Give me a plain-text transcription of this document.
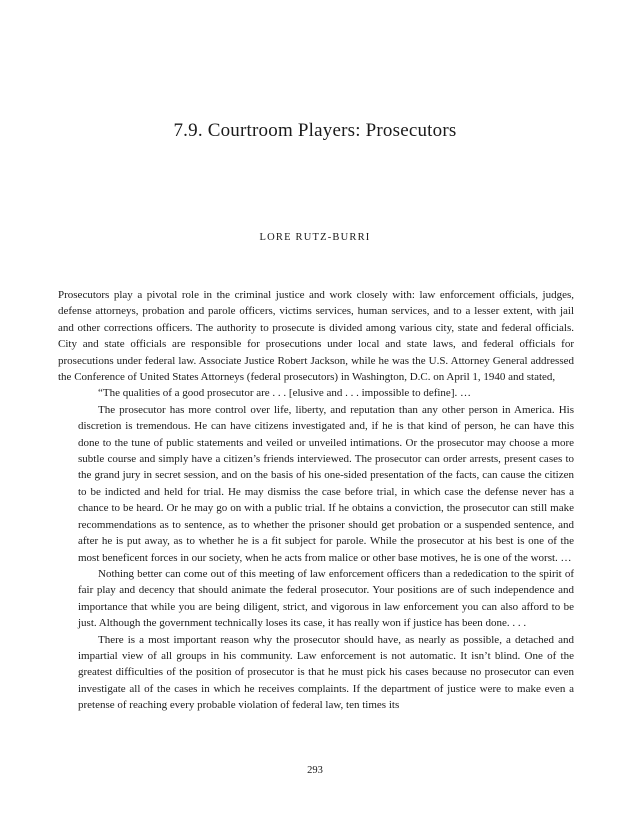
7.9. Courtroom Players: Prosecutors

LORE RUTZ-BURRI

Prosecutors play a pivotal role in the criminal justice and work closely with: law enforcement officials, judges, defense attorneys, probation and parole officers, victims services, human services, and to a lesser extent, with jail and other corrections officers. The authority to prosecute is divided among various city, state and federal officials. City and state officials are responsible for prosecutions under local and state laws, and federal officials for prosecutions under federal law. Associate Justice Robert Jackson, while he was the U.S. Attorney General addressed the Conference of United States Attorneys (federal prosecutors) in Washington, D.C. on April 1, 1940 and stated,

“The qualities of a good prosecutor are . . . [elusive and . . . impossible to define]. …

The prosecutor has more control over life, liberty, and reputation than any other person in America. His discretion is tremendous. He can have citizens investigated and, if he is that kind of person, he can have this done to the tune of public statements and veiled or unveiled intimations. Or the prosecutor may choose a more subtle course and simply have a citizen’s friends interviewed. The prosecutor can order arrests, present cases to the grand jury in secret session, and on the basis of his one-sided presentation of the facts, can cause the citizen to be indicted and held for trial. He may dismiss the case before trial, in which case the defense never has a chance to be heard. Or he may go on with a public trial. If he obtains a conviction, the prosecutor can still make recommendations as to sentence, as to whether the prisoner should get probation or a suspended sentence, and after he is put away, as to whether he is a fit subject for parole. While the prosecutor at his best is one of the most beneficent forces in our society, when he acts from malice or other base motives, he is one of the worst. …

Nothing better can come out of this meeting of law enforcement officers than a rededication to the spirit of fair play and decency that should animate the federal prosecutor. Your positions are of such independence and importance that while you are being diligent, strict, and vigorous in law enforcement you can also afford to be just. Although the government technically loses its case, it has really won if justice has been done. . . .

There is a most important reason why the prosecutor should have, as nearly as possible, a detached and impartial view of all groups in his community. Law enforcement is not automatic. It isn’t blind. One of the greatest difficulties of the position of prosecutor is that he must pick his cases because no prosecutor can even investigate all of the cases in which he receives complaints. If the department of justice were to make even a pretense of reaching every probable violation of federal law, ten times its

293
